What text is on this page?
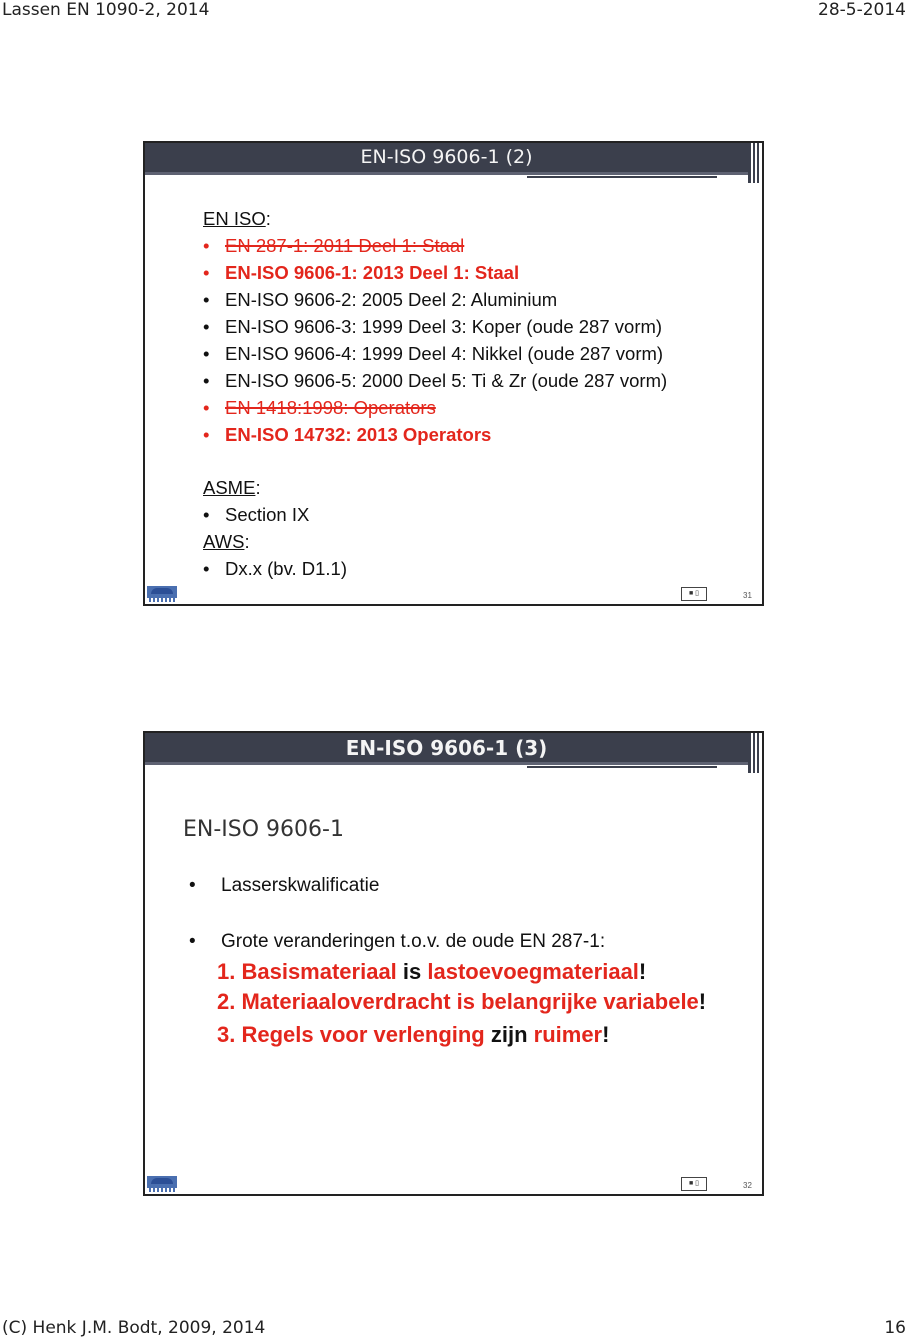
Lassen EN 1090-2, 2014	28-5-2014
EN-ISO 9606-1 (2)
EN ISO:
• EN 287-1: 2011 Deel 1: Staal
• EN-ISO 9606-1: 2013 Deel 1: Staal
• EN-ISO 9606-2: 2005 Deel 2: Aluminium
• EN-ISO 9606-3: 1999 Deel 3: Koper (oude 287 vorm)
• EN-ISO 9606-4: 1999 Deel 4: Nikkel (oude 287 vorm)
• EN-ISO 9606-5: 2000 Deel 5: Ti & Zr (oude 287 vorm)
• EN 1418:1998: Operators
• EN-ISO 14732: 2013 Operators
ASME:
• Section IX
AWS:
• Dx.x (bv. D1.1)
■ ▯	31
EN-ISO 9606-1 (3)
EN-ISO 9606-1
• Lasserskwalificatie
• Grote veranderingen t.o.v. de oude EN 287-1:
1. Basismateriaal is lastoevoegmateriaal!
2. Materiaaloverdracht is belangrijke variabele!
3. Regels voor verlenging zijn ruimer!
■ ▯	32
(C) Henk J.M. Bodt, 2009, 2014	16
